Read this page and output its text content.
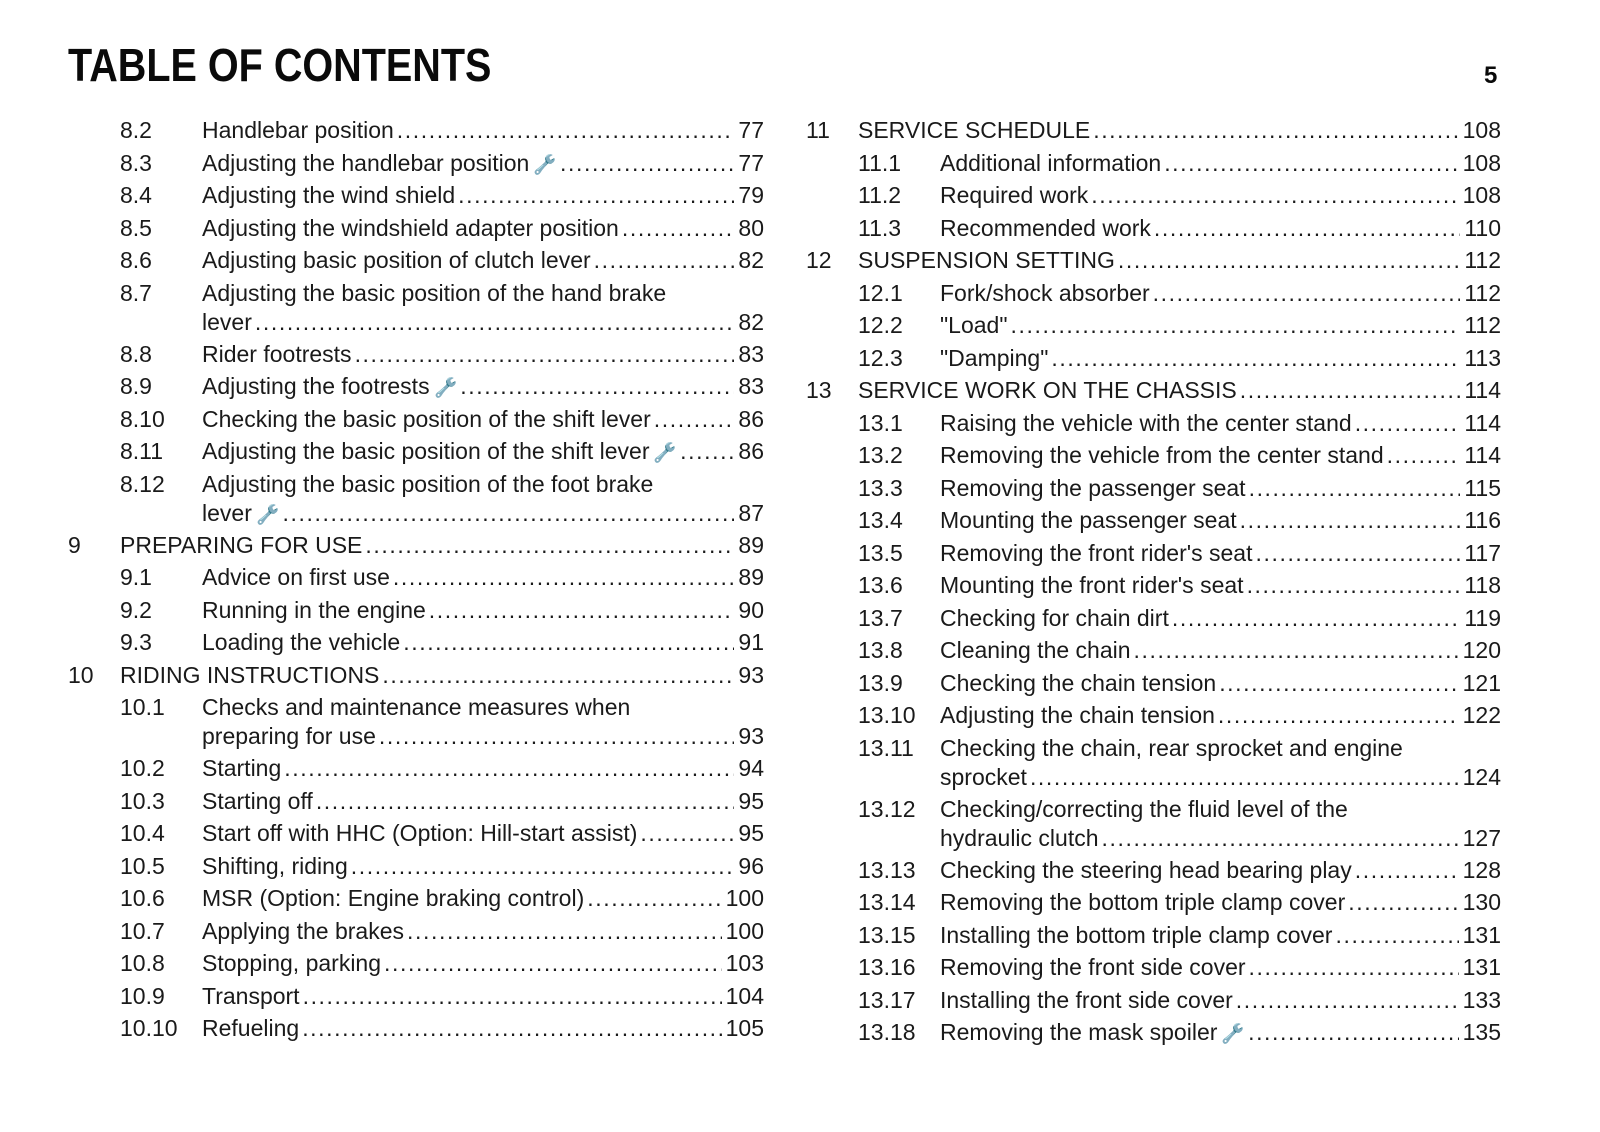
TABLE OF CONTENTS	5
8.2 Handlebar position .....	77
8.3 Adjusting the handlebar position 🔧 .....	77
8.4 Adjusting the wind shield .....	79
8.5 Adjusting the windshield adapter position .....	80
8.6 Adjusting basic position of clutch lever .....	82
8.7 Adjusting the basic position of the hand brake
lever .....	82
8.8 Rider footrests .....	83
8.9 Adjusting the footrests 🔧 .....	83
8.10 Checking the basic position of the shift lever .....	86
8.11 Adjusting the basic position of the shift lever 🔧 .....	86
8.12 Adjusting the basic position of the foot brake
lever 🔧 .....	87
9 PREPARING FOR USE .....	89
9.1 Advice on first use .....	89
9.2 Running in the engine .....	90
9.3 Loading the vehicle .....	91
10 RIDING INSTRUCTIONS .....	93
10.1 Checks and maintenance measures when
preparing for use .....	93
10.2 Starting .....	94
10.3 Starting off .....	95
10.4 Start off with HHC (Option: Hill-start assist) .....	95
10.5 Shifting, riding .....	96
10.6 MSR (Option: Engine braking control) .....	100
10.7 Applying the brakes .....	100
10.8 Stopping, parking .....	103
10.9 Transport .....	104
10.10 Refueling .....	105
11 SERVICE SCHEDULE .....	108
11.1 Additional information .....	108
11.2 Required work .....	108
11.3 Recommended work .....	110
12 SUSPENSION SETTING .....	112
12.1 Fork/shock absorber .....	112
12.2 "Load" .....	112
12.3 "Damping" .....	113
13 SERVICE WORK ON THE CHASSIS .....	114
13.1 Raising the vehicle with the center stand .....	114
13.2 Removing the vehicle from the center stand .....	114
13.3 Removing the passenger seat .....	115
13.4 Mounting the passenger seat .....	116
13.5 Removing the front rider's seat .....	117
13.6 Mounting the front rider's seat .....	118
13.7 Checking for chain dirt .....	119
13.8 Cleaning the chain .....	120
13.9 Checking the chain tension .....	121
13.10 Adjusting the chain tension .....	122
13.11 Checking the chain, rear sprocket and engine
sprocket .....	124
13.12 Checking/correcting the fluid level of the
hydraulic clutch .....	127
13.13 Checking the steering head bearing play .....	128
13.14 Removing the bottom triple clamp cover .....	130
13.15 Installing the bottom triple clamp cover .....	131
13.16 Removing the front side cover .....	131
13.17 Installing the front side cover .....	133
13.18 Removing the mask spoiler 🔧 .....	135
